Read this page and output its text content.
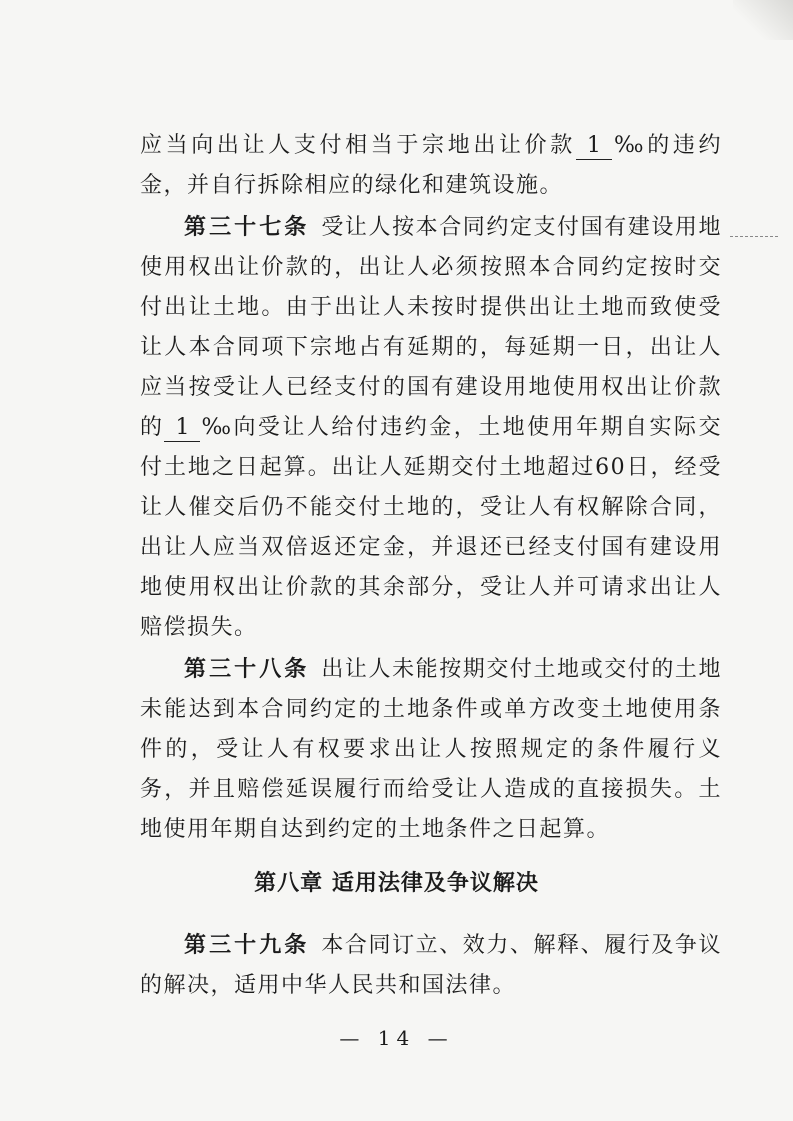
应当向出让人支付相当于宗地出让价款 1 ‰的违约金，并自行拆除相应的绿化和建筑设施。

第三十七条 受让人按本合同约定支付国有建设用地使用权出让价款的，出让人必须按照本合同约定按时交付出让土地。由于出让人未按时提供出让土地而致使受让人本合同项下宗地占有延期的，每延期一日，出让人应当按受让人已经支付的国有建设用地使用权出让价款的 1 ‰向受让人给付违约金，土地使用年期自实际交付土地之日起算。出让人延期交付土地超过60日，经受让人催交后仍不能交付土地的，受让人有权解除合同，出让人应当双倍返还定金，并退还已经支付国有建设用地使用权出让价款的其余部分，受让人并可请求出让人赔偿损失。

第三十八条 出让人未能按期交付土地或交付的土地未能达到本合同约定的土地条件或单方改变土地使用条件的，受让人有权要求出让人按照规定的条件履行义务，并且赔偿延误履行而给受让人造成的直接损失。土地使用年期自达到约定的土地条件之日起算。

第八章 适用法律及争议解决

第三十九条 本合同订立、效力、解释、履行及争议的解决，适用中华人民共和国法律。

— 14 —
